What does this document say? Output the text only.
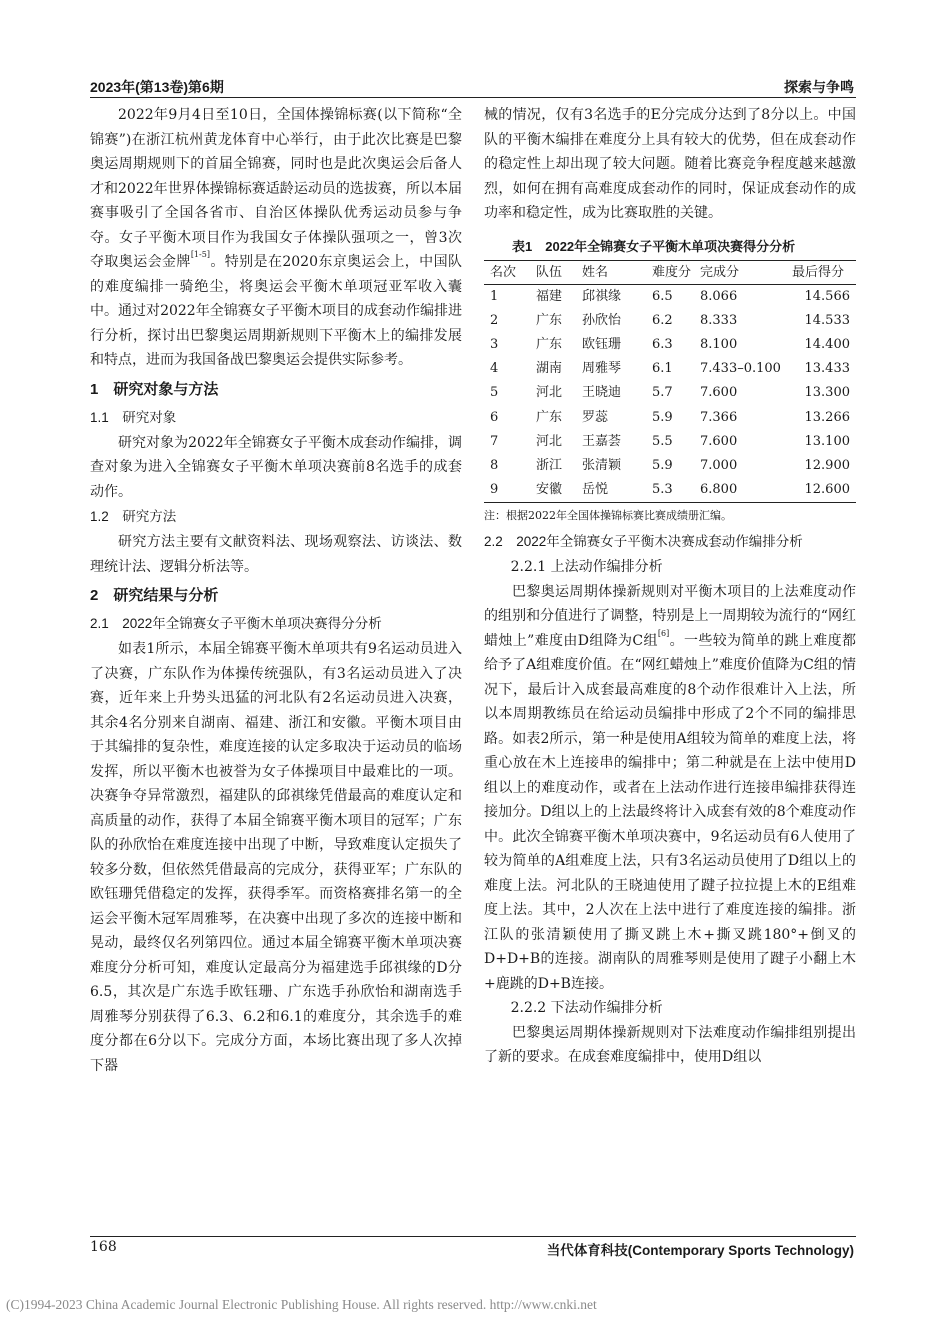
2023年(第13卷)第6期	探索与争鸣

2022年9月4日至10日，全国体操锦标赛(以下简称“全锦赛”)在浙江杭州黄龙体育中心举行，由于此次比赛是巴黎奥运周期规则下的首届全锦赛，同时也是此次奥运会后备人才和2022年世界体操锦标赛适龄运动员的选拔赛，所以本届赛事吸引了全国各省市、自治区体操队优秀运动员参与争夺。女子平衡木项目作为我国女子体操队强项之一，曾3次夺取奥运会金牌[1-5]。特别是在2020东京奥运会上，中国队的难度编排一骑绝尘，将奥运会平衡木单项冠亚军收入囊中。通过对2022年全锦赛女子平衡木项目的成套动作编排进行分析，探讨出巴黎奥运周期新规则下平衡木上的编排发展和特点，进而为我国备战巴黎奥运会提供实际参考。

1　研究对象与方法
1.1　研究对象

研究对象为2022年全锦赛女子平衡木成套动作编排，调查对象为进入全锦赛女子平衡木单项决赛前8名选手的成套动作。

1.2　研究方法

研究方法主要有文献资料法、现场观察法、访谈法、数理统计法、逻辑分析法等。

2　研究结果与分析
2.1　2022年全锦赛女子平衡木单项决赛得分分析

如表1所示，本届全锦赛平衡木单项共有9名运动员进入了决赛，广东队作为体操传统强队，有3名运动员进入了决赛，近年来上升势头迅猛的河北队有2名运动员进入决赛，其余4名分别来自湖南、福建、浙江和安徽。平衡木项目由于其编排的复杂性，难度连接的认定多取决于运动员的临场发挥，所以平衡木也被誉为女子体操项目中最难比的一项。决赛争夺异常激烈，福建队的邱祺缘凭借最高的难度认定和高质量的动作，获得了本届全锦赛平衡木项目的冠军；广东队的孙欣怡在难度连接中出现了中断，导致难度认定损失了较多分数，但依然凭借最高的完成分，获得亚军；广东队的欧钰珊凭借稳定的发挥，获得季军。而资格赛排名第一的全运会平衡木冠军周雅琴，在决赛中出现了多次的连接中断和晃动，最终仅名列第四位。通过本届全锦赛平衡木单项决赛难度分分析可知，难度认定最高分为福建选手邱祺缘的D分6.5，其次是广东选手欧钰珊、广东选手孙欣怡和湖南选手周雅琴分别获得了6.3、6.2和6.1的难度分，其余选手的难度分都在6分以下。完成分方面，本场比赛出现了多人次掉下器

械的情况，仅有3名选手的E分完成分达到了8分以上。中国队的平衡木编排在难度分上具有较大的优势，但在成套动作的稳定性上却出现了较大问题。随着比赛竞争程度越来越激烈，如何在拥有高难度成套动作的同时，保证成套动作的成功率和稳定性，成为比赛取胜的关键。

表1　2022年全锦赛女子平衡木单项决赛得分分析
名次	队伍	姓名	难度分	完成分	最后得分
1	福建	邱祺缘	6.5	8.066	14.566
2	广东	孙欣怡	6.2	8.333	14.533
3	广东	欧钰珊	6.3	8.100	14.400
4	湖南	周雅琴	6.1	7.433–0.100	13.433
5	河北	王晓迪	5.7	7.600	13.300
6	广东	罗蕊	5.9	7.366	13.266
7	河北	王嘉荟	5.5	7.600	13.100
8	浙江	张清颖	5.9	7.000	12.900
9	安徽	岳悦	5.3	6.800	12.600
注：根据2022年全国体操锦标赛比赛成绩册汇编。
2.2　2022年全锦赛女子平衡木决赛成套动作编排分析
2.2.1 上法动作编排分析

巴黎奥运周期体操新规则对平衡木项目的上法难度动作的组别和分值进行了调整，特别是上一周期较为流行的“网红蜡烛上”难度由D组降为C组[6]。一些较为简单的跳上难度都给予了A组难度价值。在“网红蜡烛上”难度价值降为C组的情况下，最后计入成套最高难度的8个动作很难计入上法，所以本周期教练员在给运动员编排中形成了2个不同的编排思路。如表2所示，第一种是使用A组较为简单的难度上法，将重心放在木上连接串的编排中；第二种就是在上法中使用D组以上的难度动作，或者在上法动作进行连接串编排获得连接加分。D组以上的上法最终将计入成套有效的8个难度动作中。此次全锦赛平衡木单项决赛中，9名运动员有6人使用了较为简单的A组难度上法，只有3名运动员使用了D组以上的难度上法。河北队的王晓迪使用了踺子拉拉提上木的E组难度上法。其中，2人次在上法中进行了难度连接的编排。浙江队的张清颖使用了撕叉跳上木+撕叉跳180°+倒叉的D+D+B的连接。湖南队的周雅琴则是使用了踺子小翻上木+鹿跳的D+B连接。

2.2.2 下法动作编排分析

巴黎奥运周期体操新规则对下法难度动作编排组别提出了新的要求。在成套难度编排中，使用D组以

168	当代体育科技(Contemporary Sports Technology)
(C)1994-2023 China Academic Journal Electronic Publishing House. All rights reserved. http://www.cnki.net
